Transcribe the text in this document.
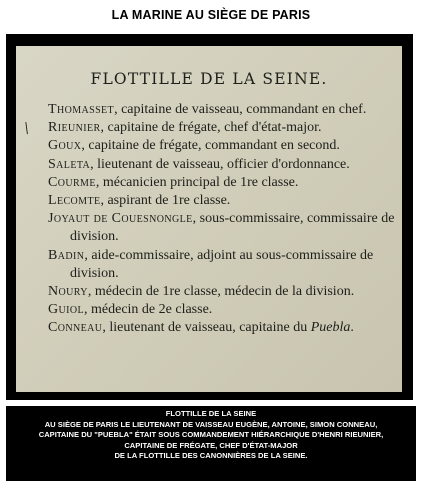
LA MARINE AU SIÈGE DE PARIS
FLOTTILLE DE LA SEINE.
\

Thomasset, capitaine de vaisseau, commandant en chef.

Rieunier, capitaine de frégate, chef d'état-major.

Goux, capitaine de frégate, commandant en second.

Saleta, lieutenant de vaisseau, officier d'ordonnance.

Courme, mécanicien principal de 1re classe.

Lecomte, aspirant de 1re classe.

Joyaut de Couesnongle, sous-commissaire, commissaire de
division.

Badin, aide-commissaire, adjoint au sous-commissaire de
division.

Noury, médecin de 1re classe, médecin de la division.

Guiol, médecin de 2e classe.

Conneau, lieutenant de vaisseau, capitaine du Puebla.

FLOTTILLE DE LA SEINE
AU SIÈGE DE PARIS LE LIEUTENANT DE VAISSEAU EUGÈNE, ANTOINE, SIMON CONNEAU,
CAPITAINE DU "PUEBLA" ÉTAIT SOUS COMMANDEMENT HIÉRARCHIQUE D'HENRI RIEUNIER,
CAPITAINE DE FRÉGATE, CHEF D'ÉTAT-MAJOR
DE LA FLOTTILLE DES CANONNIÈRES DE LA SEINE.
